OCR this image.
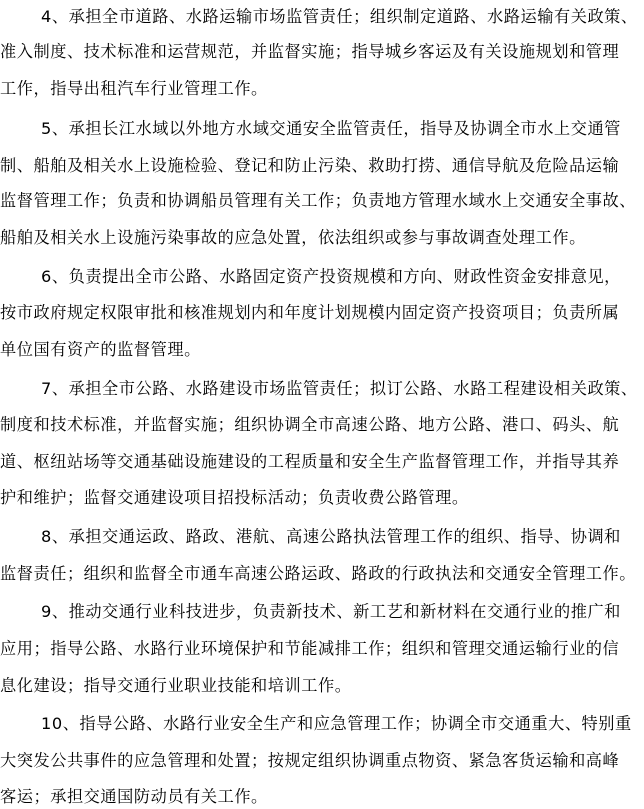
4、承担全市道路、水路运输市场监管责任；组织制定道路、水路运输有关政策、
准入制度、技术标准和运营规范，并监督实施；指导城乡客运及有关设施规划和管理
工作，指导出租汽车行业管理工作。
5、承担长江水域以外地方水域交通安全监管责任，指导及协调全市水上交通管
制、船舶及相关水上设施检验、登记和防止污染、救助打捞、通信导航及危险品运输
监督管理工作；负责和协调船员管理有关工作；负责地方管理水域水上交通安全事故、
船舶及相关水上设施污染事故的应急处置，依法组织或参与事故调查处理工作。
6、负责提出全市公路、水路固定资产投资规模和方向、财政性资金安排意见，
按市政府规定权限审批和核准规划内和年度计划规模内固定资产投资项目；负责所属
单位国有资产的监督管理。
7、承担全市公路、水路建设市场监管责任；拟订公路、水路工程建设相关政策、
制度和技术标准，并监督实施；组织协调全市高速公路、地方公路、港口、码头、航
道、枢纽站场等交通基础设施建设的工程质量和安全生产监督管理工作，并指导其养
护和维护；监督交通建设项目招投标活动；负责收费公路管理。
8、承担交通运政、路政、港航、高速公路执法管理工作的组织、指导、协调和
监督责任；组织和监督全市通车高速公路运政、路政的行政执法和交通安全管理工作。
9、推动交通行业科技进步，负责新技术、新工艺和新材料在交通行业的推广和
应用；指导公路、水路行业环境保护和节能减排工作；组织和管理交通运输行业的信
息化建设；指导交通行业职业技能和培训工作。
10、指导公路、水路行业安全生产和应急管理工作；协调全市交通重大、特别重
大突发公共事件的应急管理和处置；按规定组织协调重点物资、紧急客货运输和高峰
客运；承担交通国防动员有关工作。
